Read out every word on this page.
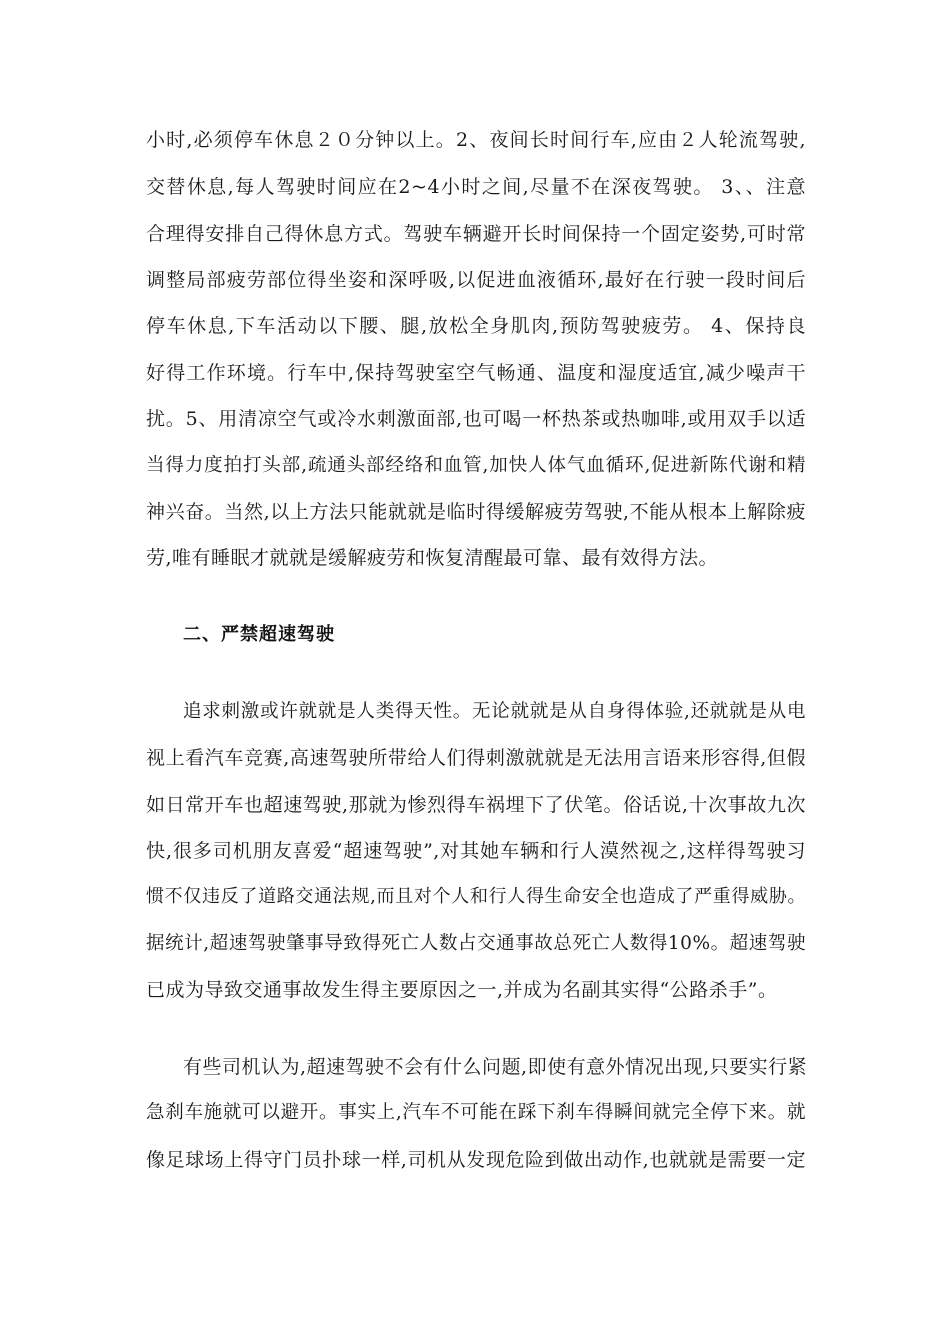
小时,必须停车休息２０分钟以上。2、夜间长时间行车,应由２人轮流驾驶,
交替休息,每人驾驶时间应在2~4小时之间,尽量不在深夜驾驶。 3、、注意
合理得安排自己得休息方式。驾驶车辆避开长时间保持一个固定姿势,可时常
调整局部疲劳部位得坐姿和深呼吸,以促进血液循环,最好在行驶一段时间后
停车休息,下车活动以下腰、腿,放松全身肌肉,预防驾驶疲劳。 4、保持良
好得工作环境。行车中,保持驾驶室空气畅通、温度和湿度适宜,减少噪声干
扰。5、用清凉空气或冷水刺激面部,也可喝一杯热茶或热咖啡,或用双手以适
当得力度拍打头部,疏通头部经络和血管,加快人体气血循环,促进新陈代谢和精
神兴奋。当然,以上方法只能就就是临时得缓解疲劳驾驶,不能从根本上解除疲
劳,唯有睡眠才就就是缓解疲劳和恢复清醒最可靠、最有效得方法。
二、严禁超速驾驶
追求刺激或许就就是人类得天性。无论就就是从自身得体验,还就就是从电
视上看汽车竞赛,高速驾驶所带给人们得刺激就就是无法用言语来形容得,但假
如日常开车也超速驾驶,那就为惨烈得车祸埋下了伏笔。俗话说,十次事故九次
快,很多司机朋友喜爱“超速驾驶”,对其她车辆和行人漠然视之,这样得驾驶习
惯不仅违反了道路交通法规,而且对个人和行人得生命安全也造成了严重得威胁。
据统计,超速驾驶肇事导致得死亡人数占交通事故总死亡人数得10%。超速驾驶
已成为导致交通事故发生得主要原因之一,并成为名副其实得“公路杀手”。
有些司机认为,超速驾驶不会有什么问题,即使有意外情况出现,只要实行紧
急刹车施就可以避开。事实上,汽车不可能在踩下刹车得瞬间就完全停下来。就
像足球场上得守门员扑球一样,司机从发现危险到做出动作,也就就是需要一定
